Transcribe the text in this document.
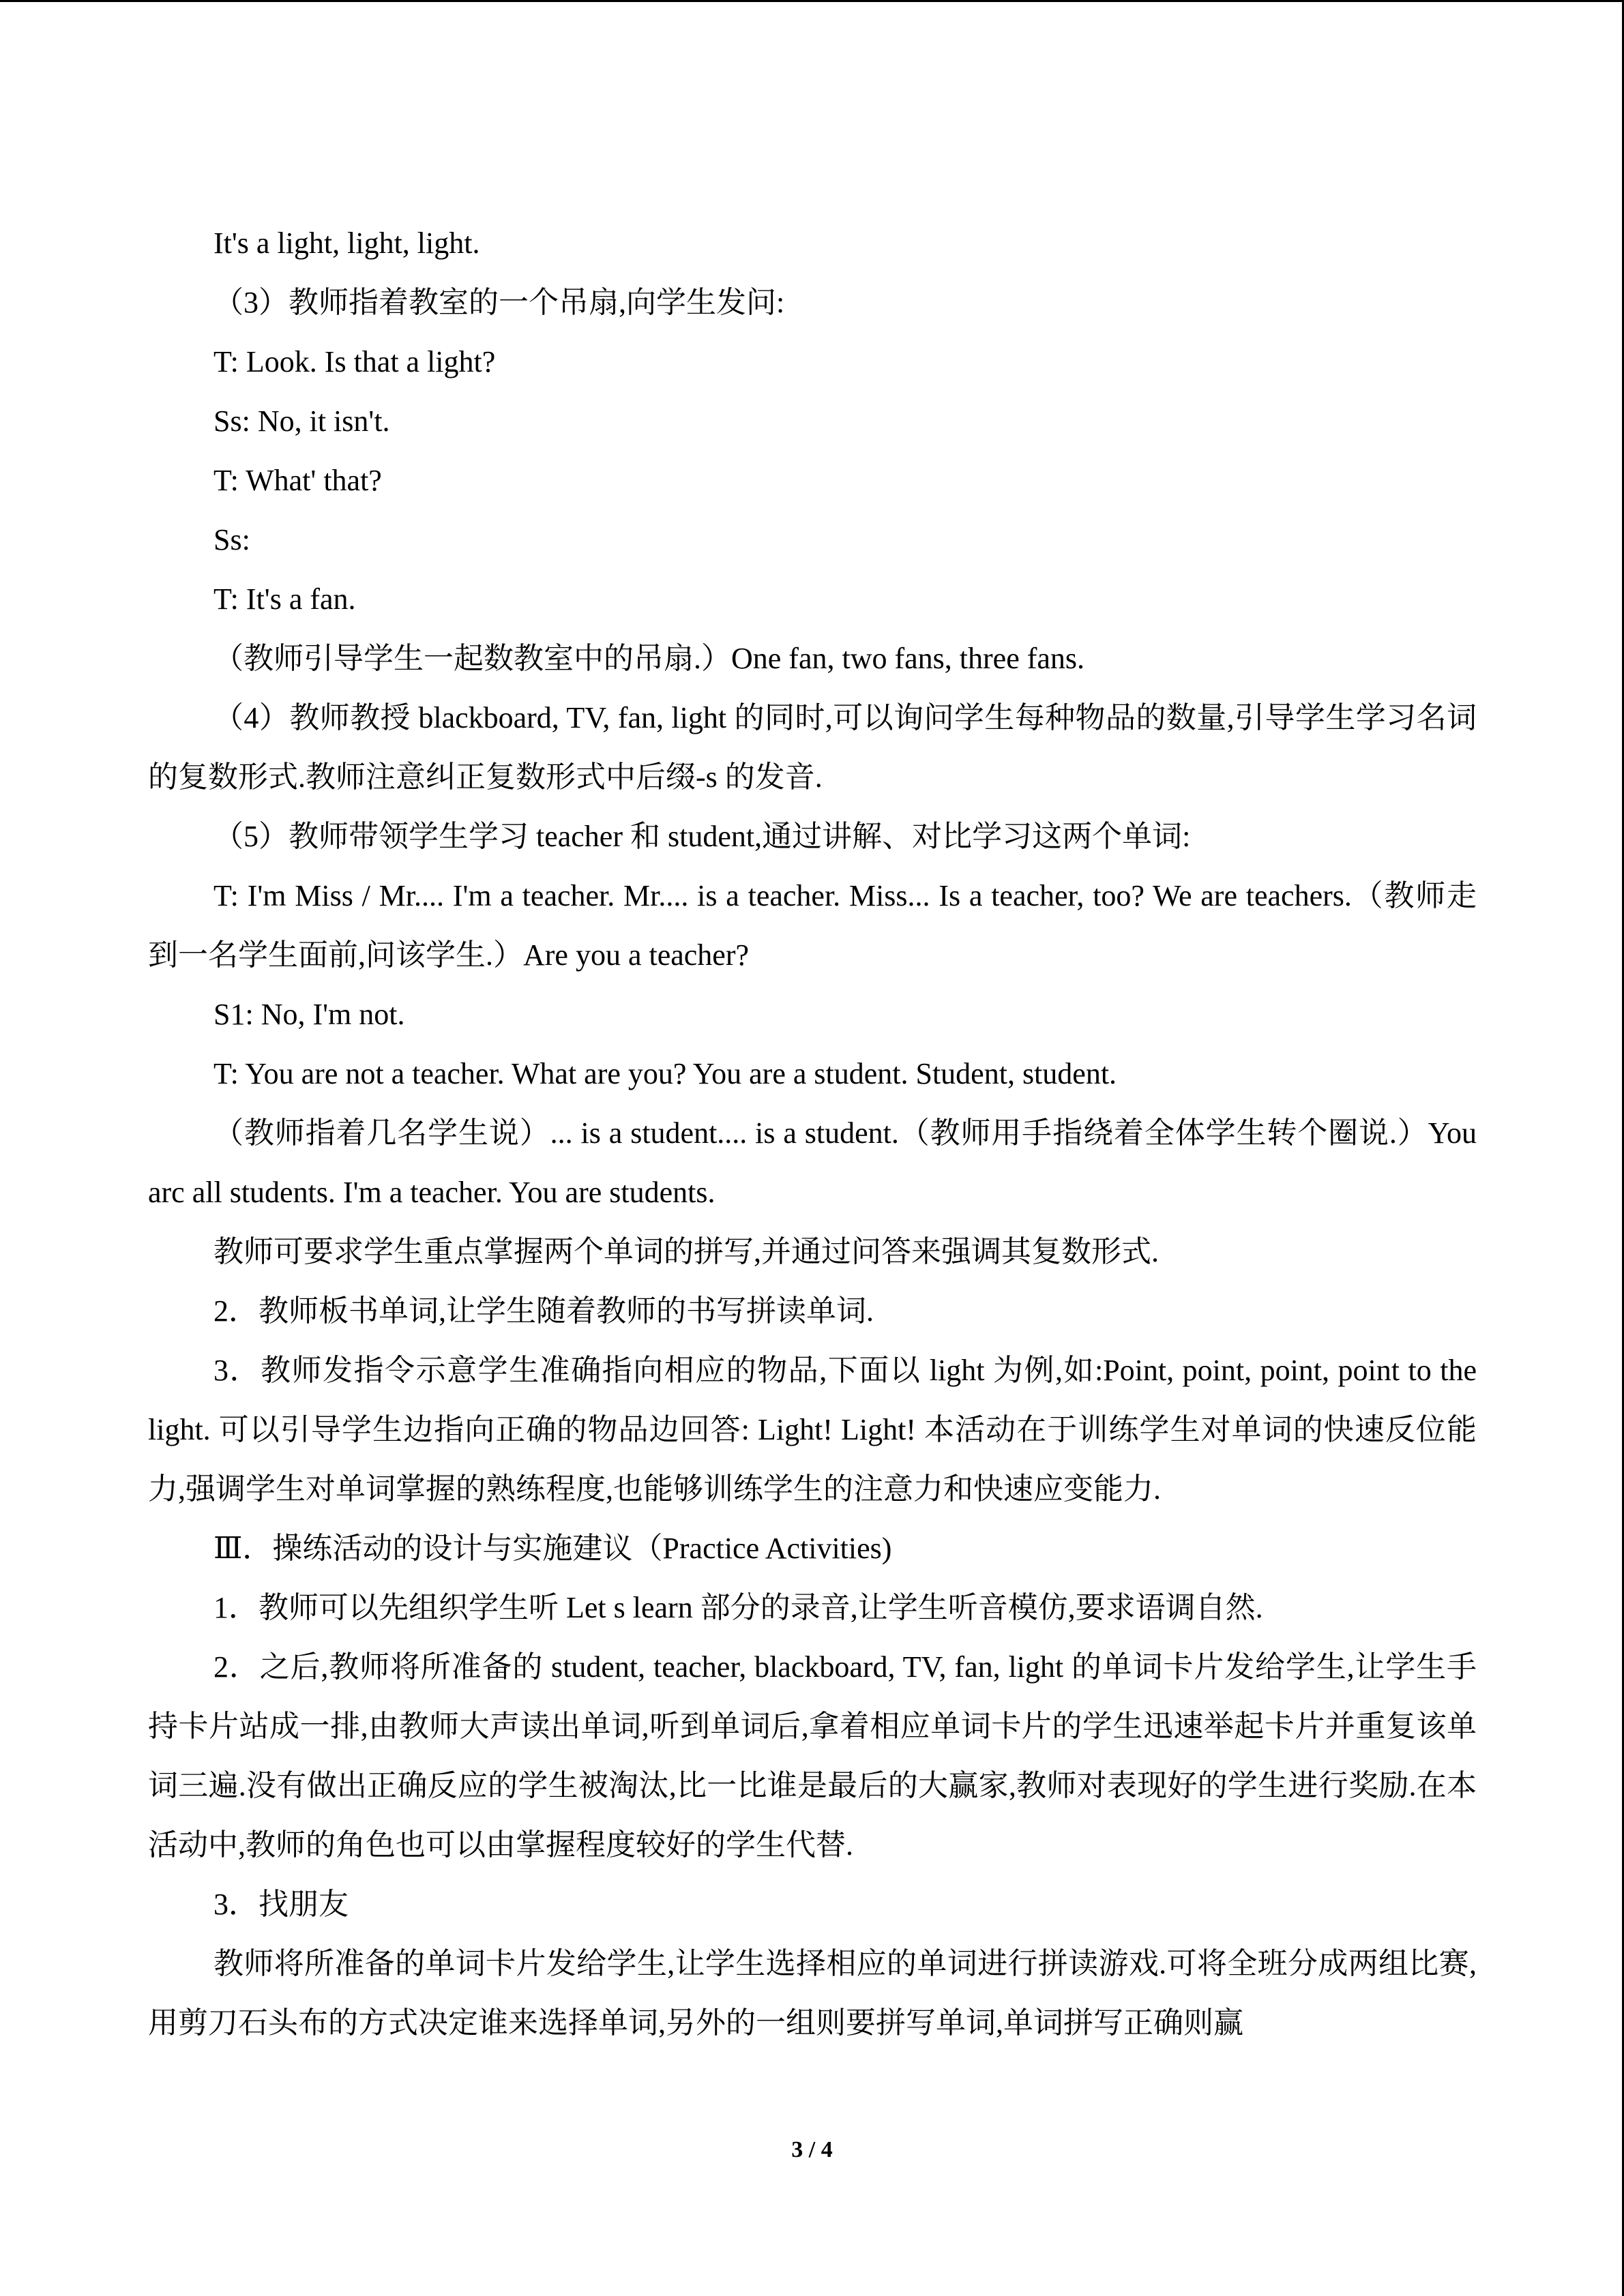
It's a light, light, light.

（3）教师指着教室的一个吊扇,向学生发问:

T: Look. Is that a light?

Ss: No, it isn't.

T: What' that?

Ss:

T: It's a fan.

（教师引导学生一起数教室中的吊扇.）One fan, two fans, three fans.

（4）教师教授 blackboard, TV, fan, light 的同时,可以询问学生每种物品的数量,引导学生学习名词的复数形式.教师注意纠正复数形式中后缀-s 的发音.

（5）教师带领学生学习 teacher 和 student,通过讲解、对比学习这两个单词:

T: I'm Miss / Mr.... I'm a teacher. Mr.... is a teacher. Miss... Is a teacher, too? We are teachers.（教师走到一名学生面前,问该学生.）Are you a teacher?

S1: No, I'm not.

T: You are not a teacher. What are you? You are a student. Student, student.

（教师指着几名学生说）... is a student.... is a student.（教师用手指绕着全体学生转个圈说.）You arc all students. I'm a teacher. You are students.

教师可要求学生重点掌握两个单词的拼写,并通过问答来强调其复数形式.

2．教师板书单词,让学生随着教师的书写拼读单词.

3．教师发指令示意学生准确指向相应的物品,下面以 light 为例,如:Point, point, point, point to the light. 可以引导学生边指向正确的物品边回答: Light! Light! 本活动在于训练学生对单词的快速反位能力,强调学生对单词掌握的熟练程度,也能够训练学生的注意力和快速应变能力.

Ⅲ．操练活动的设计与实施建议（Practice Activities)

1．教师可以先组织学生听 Let s learn 部分的录音,让学生听音模仿,要求语调自然.

2．之后,教师将所准备的 student, teacher, blackboard, TV, fan, light 的单词卡片发给学生,让学生手持卡片站成一排,由教师大声读出单词,听到单词后,拿着相应单词卡片的学生迅速举起卡片并重复该单词三遍.没有做出正确反应的学生被淘汰,比一比谁是最后的大赢家,教师对表现好的学生进行奖励.在本活动中,教师的角色也可以由掌握程度较好的学生代替.

3．找朋友

教师将所准备的单词卡片发给学生,让学生选择相应的单词进行拼读游戏.可将全班分成两组比赛,用剪刀石头布的方式决定谁来选择单词,另外的一组则要拼写单词,单词拼写正确则赢

3 / 4
